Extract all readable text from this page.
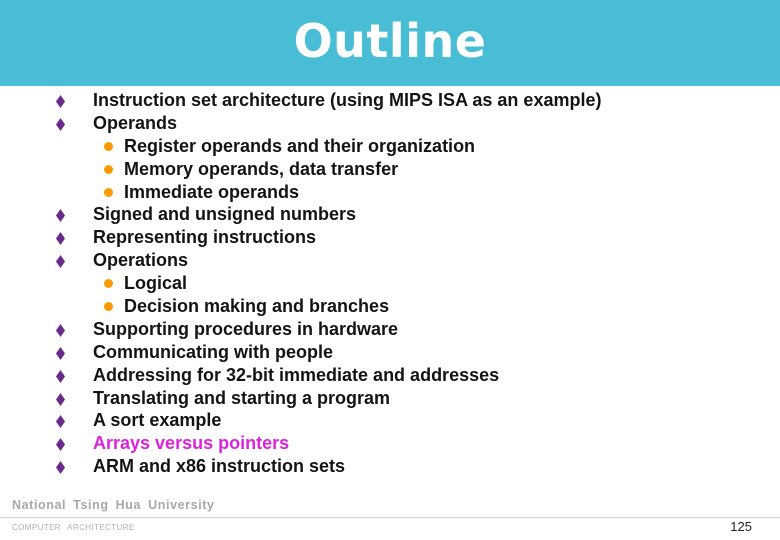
Outline
Instruction set architecture (using MIPS ISA as an example)
Operands
Register operands and their organization
Memory operands, data transfer
Immediate operands
Signed and unsigned numbers
Representing instructions
Operations
Logical
Decision making and branches
Supporting procedures in hardware
Communicating with people
Addressing for 32-bit immediate and addresses
Translating and starting a program
A sort example
Arrays versus pointers
ARM and x86 instruction sets
National Tsing Hua University
COMPUTER ARCHITECTURE	125
